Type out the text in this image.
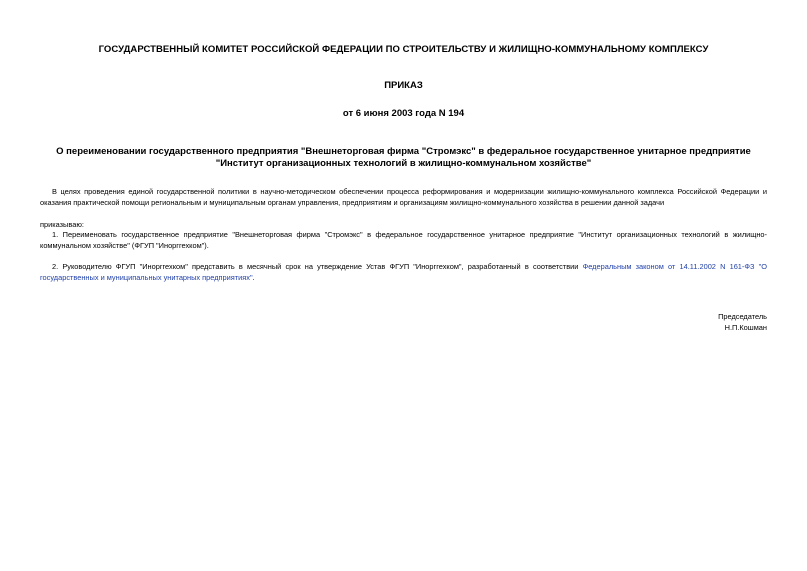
ГОСУДАРСТВЕННЫЙ КОМИТЕТ РОССИЙСКОЙ ФЕДЕРАЦИИ ПО СТРОИТЕЛЬСТВУ И ЖИЛИЩНО-КОММУНАЛЬНОМУ КОМПЛЕКСУ
ПРИКАЗ
от 6 июня 2003 года N 194
О переименовании государственного предприятия "Внешнеторговая фирма "Стромэкс" в федеральное государственное унитарное предприятие "Институт организационных технологий в жилищно-коммунальном хозяйстве"
В целях проведения единой государственной политики в научно-методическом обеспечении процесса реформирования и модернизации жилищно-коммунального комплекса Российской Федерации и оказания практической помощи региональным и муниципальным органам управления, предприятиям и организациям жилищно-коммунального хозяйства в решении данной задачи
приказываю:
1. Переименовать государственное предприятие "Внешнеторговая фирма "Стромэкс" в федеральное государственное унитарное предприятие "Институт организационных технологий в жилищно-коммунальном хозяйстве" (ФГУП "Инорггехком").
2. Руководителю ФГУП "Инорггехком" представить в месячный срок на утверждение Устав ФГУП "Инорггехком", разработанный в соответствии Федеральным законом от 14.11.2002 N 161-ФЗ "О государственных и муниципальных унитарных предприятиях".
Председатель
Н.П.Кошман
